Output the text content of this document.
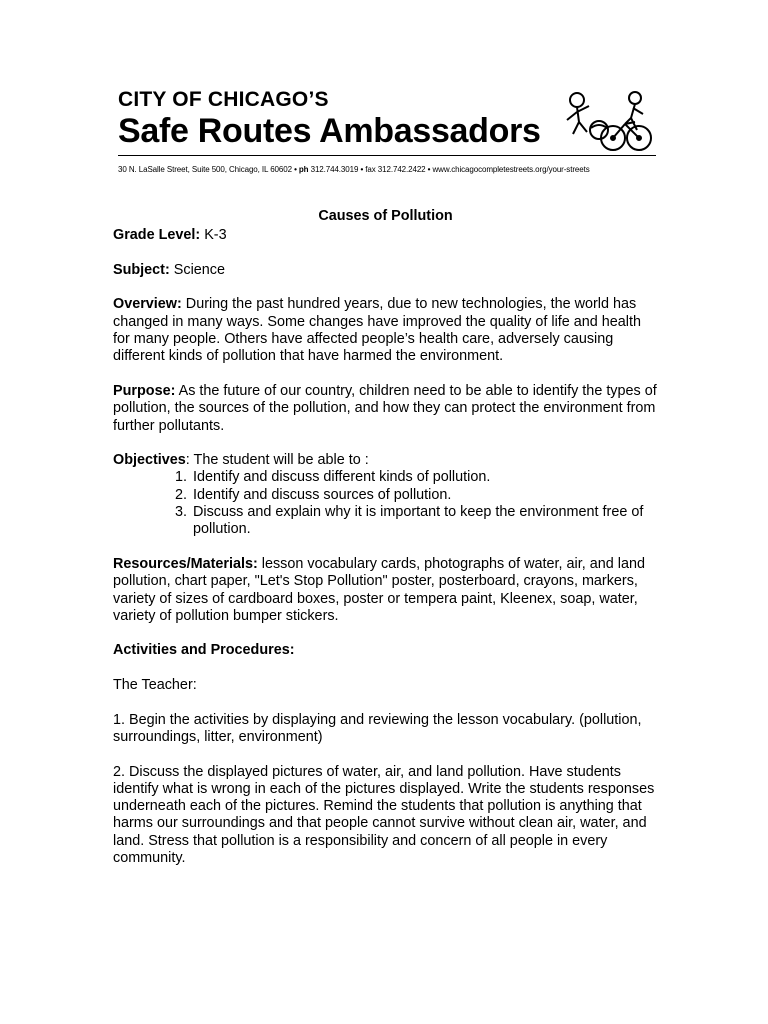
CITY OF CHICAGO’S
Safe Routes Ambassadors
30 N. LaSalle Street, Suite 500, Chicago, IL 60602 • ph 312.744.3019 • fax 312.742.2422 • www.chicagocompletestreets.org/your-streets
Causes of Pollution
Grade Level: K-3
Subject: Science
Overview: During the past hundred years, due to new technologies, the world has changed in many ways. Some changes have improved the quality of life and health for many people. Others have affected people’s health care, adversely causing different kinds of pollution that have harmed the environment.
Purpose: As the future of our country, children need to be able to identify the types of pollution, the sources of the pollution, and how they can protect the environment from further pollutants.
Objectives: The student will be able to :
1. Identify and discuss different kinds of pollution.
2. Identify and discuss sources of pollution.
3. Discuss and explain why it is important to keep the environment free of pollution.
Resources/Materials: lesson vocabulary cards, photographs of water, air, and land pollution, chart paper, "Let's Stop Pollution" poster, posterboard, crayons, markers, variety of sizes of cardboard boxes, poster or tempera paint, Kleenex, soap, water, variety of pollution bumper stickers.
Activities and Procedures:
The Teacher:
1. Begin the activities by displaying and reviewing the lesson vocabulary. (pollution, surroundings, litter, environment)
2. Discuss the displayed pictures of water, air, and land pollution. Have students identify what is wrong in each of the pictures displayed. Write the students responses underneath each of the pictures. Remind the students that pollution is anything that harms our surroundings and that people cannot survive without clean air, water, and land. Stress that pollution is a responsibility and concern of all people in every community.
